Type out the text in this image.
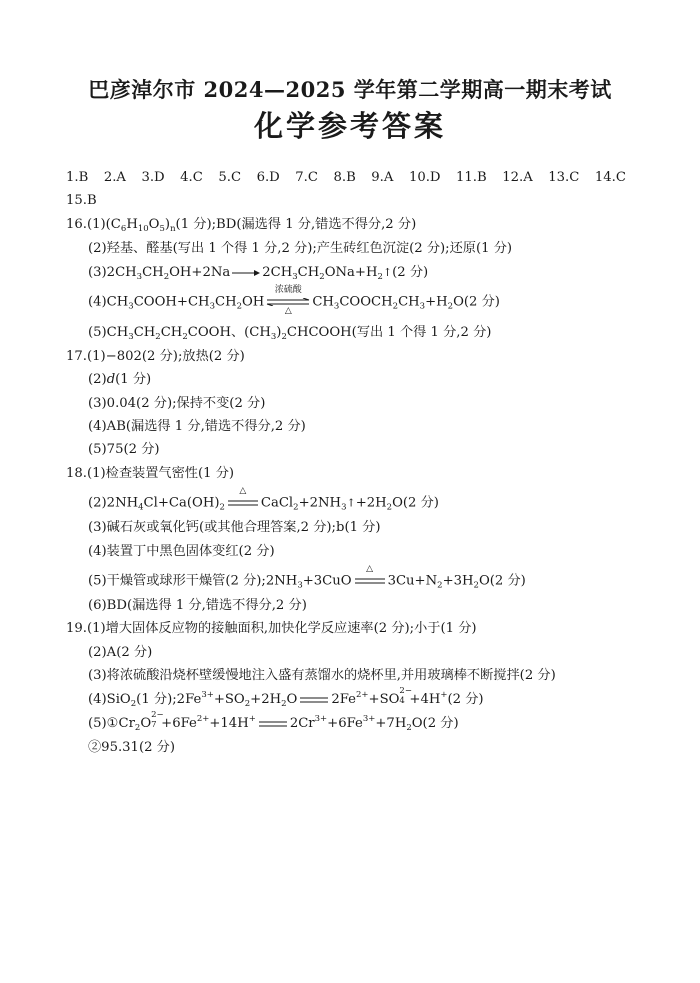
巴彦淖尔市 2024—2025 学年第二学期高一期末考试
化学参考答案
1.B 2.A 3.D 4.C 5.C 6.D 7.C 8.B 9.A 10.D 11.B 12.A 13.C 14.C
15.B
$16.(1)(C_6H_{10}O_5)_n(1$ 分);BD(漏选得 1 分,错选不得分,2 分)
(2)羟基、醛基(写出 1 个得 1 分,2 分);产生砖红色沉淀(2 分);还原(1 分)
$(3)2CH_3CH_2OH+2Na\to 2CH_3CH_2ONa+H_2↑(2$ 分)
$(4)CH_3COOH+CH_3CH_2OH$
浓硫酸
△
$CH_3COOCH_2CH_3+H_2O(2$ 分)
$(5)CH_3CH_2CH_2COOH$、$(CH_3)_2CHCOOH$(写出 1 个得 1 分,2 分)
17.(1)−802(2 分);放热(2 分)
(2)d(1 分)
(3)0.04(2 分);保持不变(2 分)
(4)AB(漏选得 1 分,错选不得分,2 分)
(5)75(2 分)
18.(1)检查装置气密性(1 分)
$(2)2NH_4Cl+Ca(OH)_2$
△
$CaCl_2+2NH_3↑+2H_2O(2$ 分)
(3)碱石灰或氧化钙(或其他合理答案,2 分);b(1 分)
(4)装置丁中黑色固体变红(2 分)
(5)干燥管或球形干燥管(2 分)$;2NH_3+3CuO$
△
$3Cu+N_2+3H_2O(2$ 分)
(6)BD(漏选得 1 分,错选不得分,2 分)
19.(1)增大固体反应物的接触面积,加快化学反应速率(2 分);小于(1 分)
(2)A(2 分)
(3)将浓硫酸沿烧杯壁缓慢地注入盛有蒸馏水的烧杯里,并用玻璃棒不断搅拌(2 分)
(4)SiO$_2$(1 分)$;2Fe^{3+}+SO_2+2H_2O$	$2Fe^{2+}+SO$
2−
4 +4H+(2 分)
$(5)①Cr_2O$
2−
$7 +6Fe^{2+}+14H^+$	$2Cr^{3+}+6Fe^{3+}+7H_2O(2$ 分)
②95.31(2 分)
